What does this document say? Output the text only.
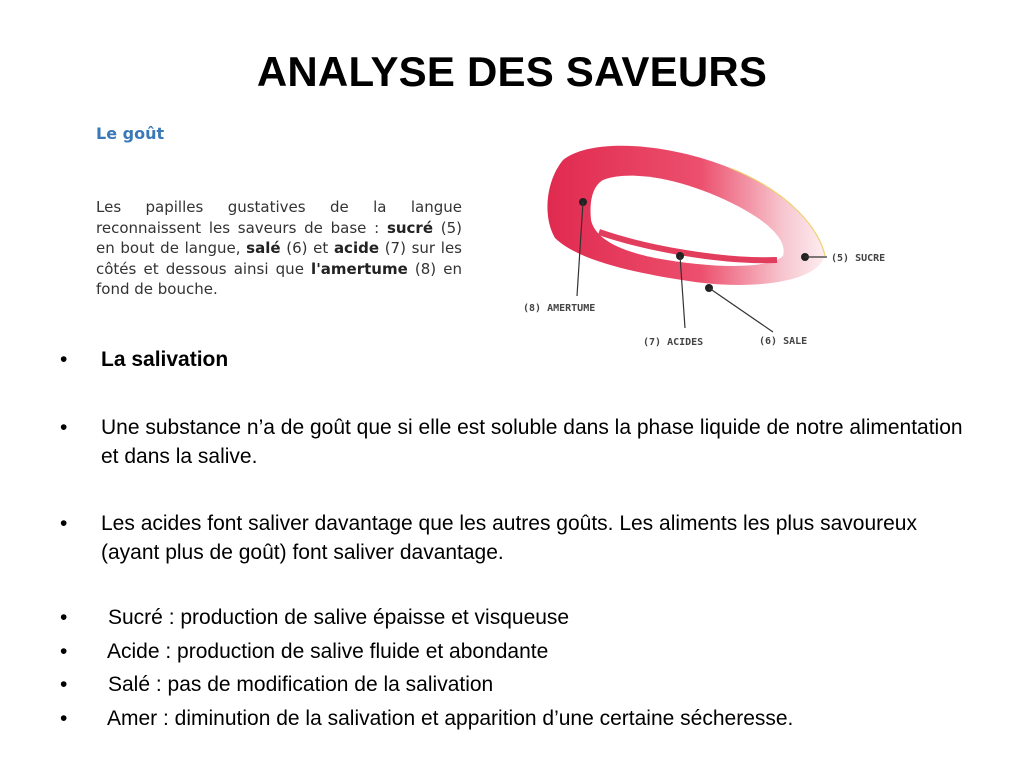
ANALYSE DES SAVEURS
Le goût
Les papilles gustatives de la langue reconnaissent les saveurs de base : sucré (5) en bout de langue, salé (6) et acide (7) sur les côtés et dessous ainsi que l'amertume (8) en fond de bouche.
(8) AMERTUME
(7) ACIDES	(6) SALE
(5) SUCRE
• La salivation
• Une substance n’a de goût que si elle est soluble dans la phase liquide de notre alimentation et dans la salive.
• Les acides font saliver davantage que les autres goûts. Les aliments les plus savoureux (ayant plus de goût) font saliver davantage.
• Sucré : production de salive épaisse et visqueuse
• Acide : production de salive fluide et abondante
• Salé : pas de modification de la salivation
• Amer : diminution de la salivation et apparition d’une certaine sécheresse.
